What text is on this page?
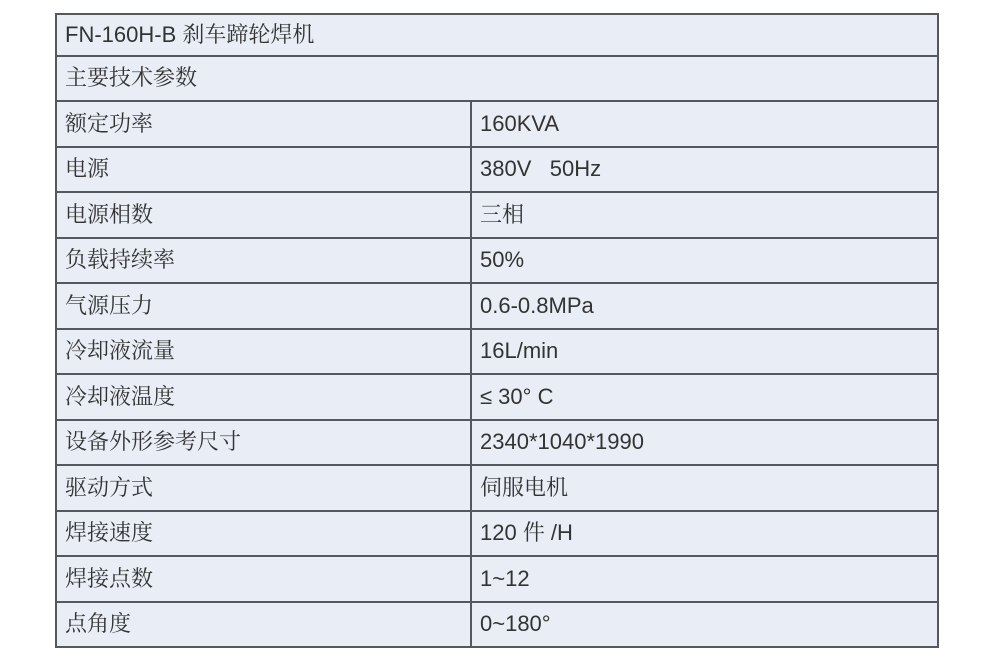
FN-160H-B 刹车蹄轮焊机	
主要技术参数	
额定功率	160KVA
电源	380V   50Hz
电源相数	三相
负载持续率	50%
气源压力	0.6-0.8MPa
冷却液流量	16L/min
冷却液温度	≤ 30° C
设备外形参考尺寸	2340*1040*1990
驱动方式	伺服电机
焊接速度	120 件 /H
焊接点数	1~12
点角度	0~180°
